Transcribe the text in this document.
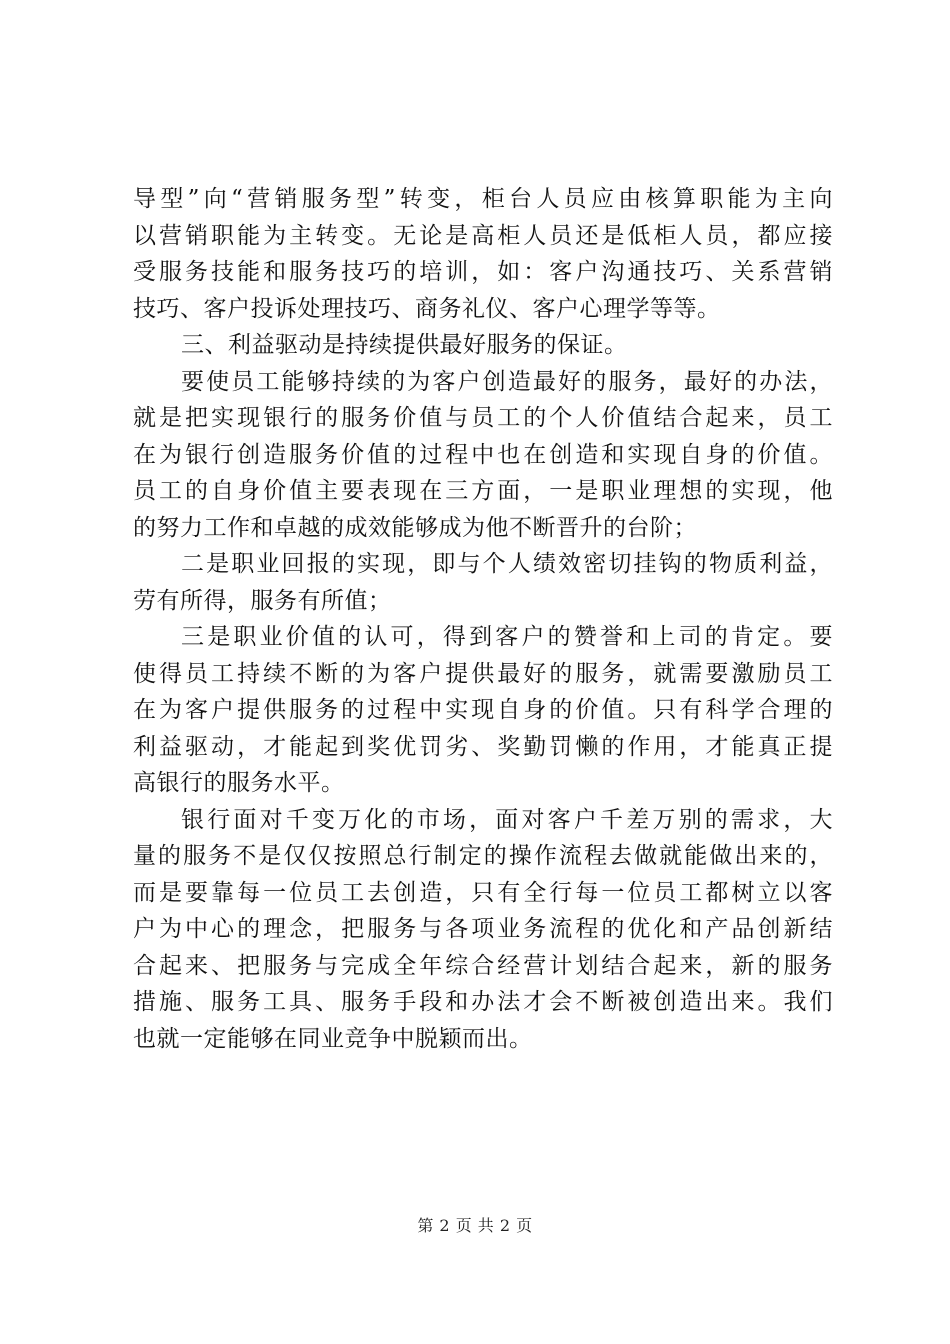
导型”向“营销服务型”转变，柜台人员应由核算职能为主向
以营销职能为主转变。无论是高柜人员还是低柜人员，都应接
受服务技能和服务技巧的培训，如：客户沟通技巧、关系营销
技巧、客户投诉处理技巧、商务礼仪、客户心理学等等。
三、利益驱动是持续提供最好服务的保证。
要使员工能够持续的为客户创造最好的服务，最好的办法，
就是把实现银行的服务价值与员工的个人价值结合起来，员工
在为银行创造服务价值的过程中也在创造和实现自身的价值。
员工的自身价值主要表现在三方面，一是职业理想的实现，他
的努力工作和卓越的成效能够成为他不断晋升的台阶；
二是职业回报的实现，即与个人绩效密切挂钩的物质利益，
劳有所得，服务有所值；
三是职业价值的认可，得到客户的赞誉和上司的肯定。要
使得员工持续不断的为客户提供最好的服务，就需要激励员工
在为客户提供服务的过程中实现自身的价值。只有科学合理的
利益驱动，才能起到奖优罚劣、奖勤罚懒的作用，才能真正提
高银行的服务水平。
银行面对千变万化的市场，面对客户千差万别的需求，大
量的服务不是仅仅按照总行制定的操作流程去做就能做出来的，
而是要靠每一位员工去创造，只有全行每一位员工都树立以客
户为中心的理念，把服务与各项业务流程的优化和产品创新结
合起来、把服务与完成全年综合经营计划结合起来，新的服务
措施、服务工具、服务手段和办法才会不断被创造出来。我们
也就一定能够在同业竞争中脱颖而出。
第 2 页 共 2 页
